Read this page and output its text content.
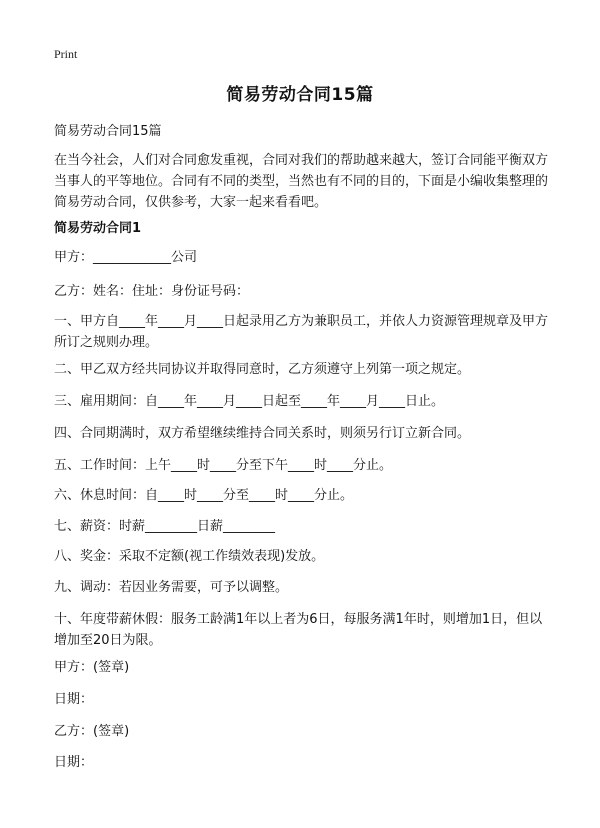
Print
简易劳动合同15篇
简易劳动合同15篇
在当今社会，人们对合同愈发重视，合同对我们的帮助越来越大，签订合同能平衡双方当事人的平等地位。合同有不同的类型，当然也有不同的目的，下面是小编收集整理的简易劳动合同，仅供参考，大家一起来看看吧。
简易劳动合同1
甲方：____________公司
乙方：姓名：住址：身份证号码：
一、甲方自____年____月____日起录用乙方为兼职员工，并依人力资源管理规章及甲方所订之规则办理。
二、甲乙双方经共同协议并取得同意时，乙方须遵守上列第一项之规定。
三、雇用期间：自____年____月____日起至____年____月____日止。
四、合同期满时，双方希望继续维持合同关系时，则须另行订立新合同。
五、工作时间：上午____时____分至下午____时____分止。
六、休息时间：自____时____分至____时____分止。
七、薪资：时薪________日薪________
八、奖金：采取不定额(视工作绩效表现)发放。
九、调动：若因业务需要，可予以调整。
十、年度带薪休假：服务工龄满1年以上者为6日，每服务满1年时，则增加1日，但以增加至20日为限。
甲方：(签章)
日期：
乙方：(签章)
日期：
